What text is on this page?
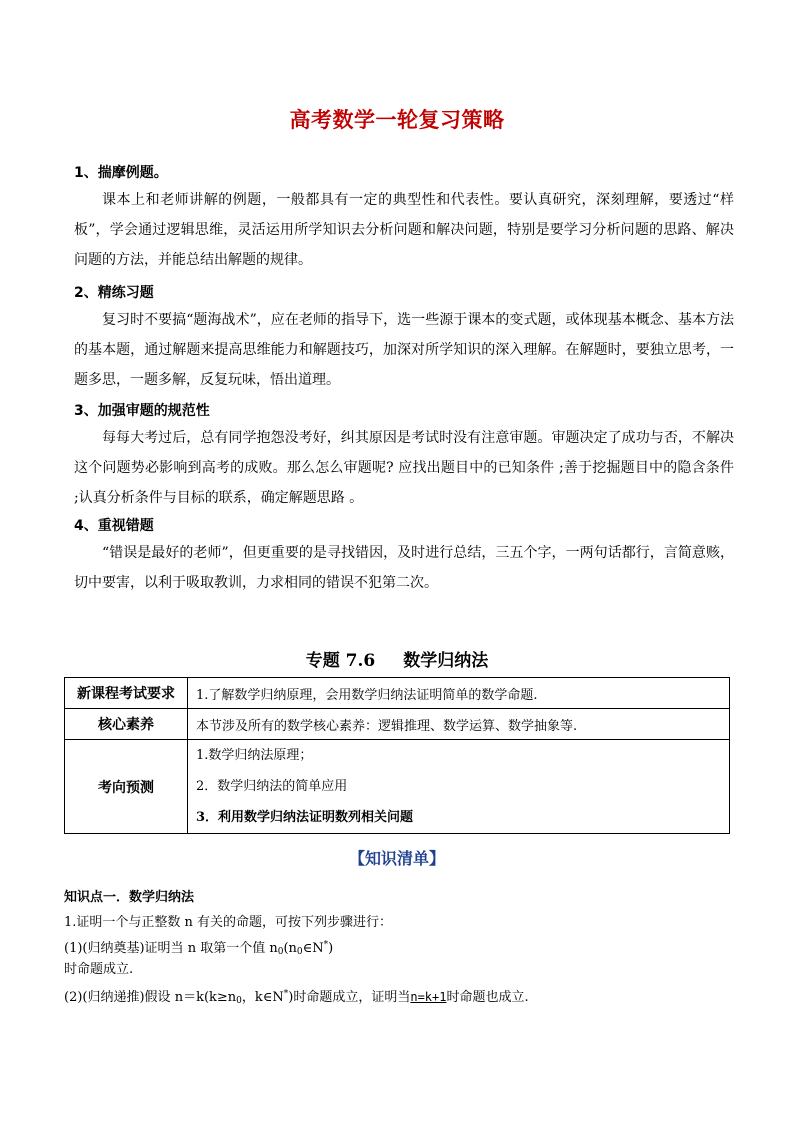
高考数学一轮复习策略
1、揣摩例题。
课本上和老师讲解的例题，一般都具有一定的典型性和代表性。要认真研究，深刻理解，要透过“样板”，学会通过逻辑思维，灵活运用所学知识去分析问题和解决问题，特别是要学习分析问题的思路、解决问题的方法，并能总结出解题的规律。
2、精练习题
复习时不要搞“题海战术”，应在老师的指导下，选一些源于课本的变式题，或体现基本概念、基本方法的基本题，通过解题来提高思维能力和解题技巧，加深对所学知识的深入理解。在解题时，要独立思考，一题多思，一题多解，反复玩味，悟出道理。
3、加强审题的规范性
每每大考过后，总有同学抱怨没考好，纠其原因是考试时没有注意审题。审题决定了成功与否，不解决这个问题势必影响到高考的成败。那么怎么审题呢? 应找出题目中的已知条件 ;善于挖掘题目中的隐含条件 ;认真分析条件与目标的联系，确定解题思路 。
4、重视错题
“错误是最好的老师”，但更重要的是寻找错因，及时进行总结，三五个字，一两句话都行，言简意赅，切中要害，以利于吸取教训，力求相同的错误不犯第二次。
专题 7.6 数学归纳法
新课程考试要求	1.了解数学归纳原理，会用数学归纳法证明简单的数学命题.
核心素养	本节涉及所有的数学核心素养：逻辑推理、数学运算、数学抽象等.
考向预测	1.数学归纳法原理；
2．数学归纳法的简单应用
3．利用数学归纳法证明数列相关问题
【知识清单】
知识点一．数学归纳法
1.证明一个与正整数 n 有关的命题，可按下列步骤进行：
(1)(归纳奠基)证明当 n 取第一个值 $n_0(n_0\in N^*)$
时命题成立.
(2)(归纳递推)假设 $n=k(k\ge n_0$，k∈N*)时命题成立，证明当n=k+1时命题也成立.
